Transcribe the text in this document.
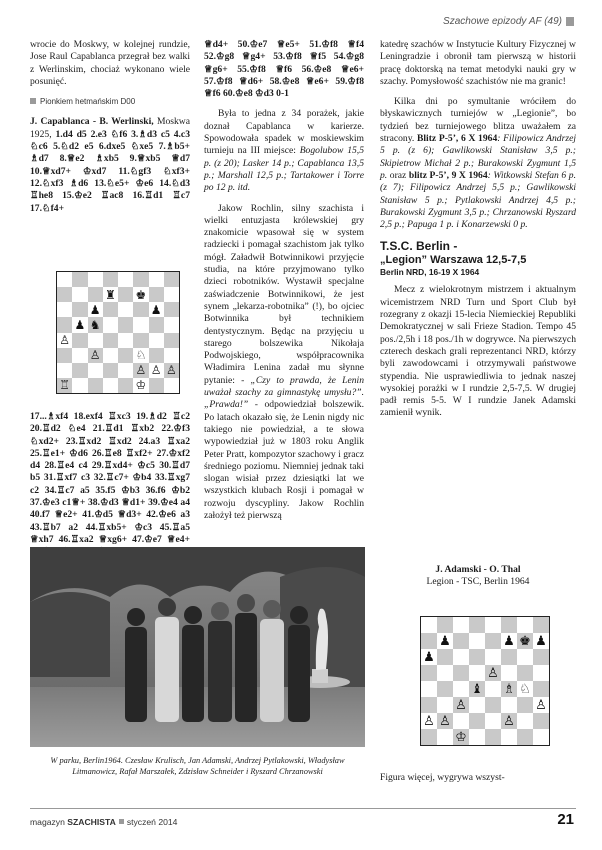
Szachowe epizody AF (49)

wrocie do Moskwy, w kolejnej rundzie, Jose Raul Capablanca przegrał bez walki z Werlinskim, chociaż wykonano wiele posunięć.

Pionkiem hetmańskim D00

J. Capablanca - B. Werlinski, Moskwa 1925, 1.d4 d5 2.e3 ♘f6 3.♗d3 c5 4.c3 ♘c6 5.♘d2 e5 6.dxe5 ♘xe5 7.♗b5+ ♗d7 8.♕e2 ♗xb5 9.♕xb5 ♕d7 10.♕xd7+ ♔xd7 11.♘gf3 ♘xf3+ 12.♘xf3 ♗d6 13.♘e5+ ♔e6 14.♘d3 ♖he8 15.♔e2 ♖ac8 16.♖d1 ♖c7 17.♘f4+

♜ ♚
♟	♟
♟ ♞
♙
♙	♘
♙ ♙ ♙
♖	♔

17...♗xf4 18.exf4 ♖xc3 19.♗d2 ♖c2 20.♖d2 ♘e4 21.♖d1 ♖xb2 22.♔f3 ♘xd2+ 23.♖xd2 ♖xd2 24.a3 ♖xa2 25.♖e1+ ♔d6 26.♖e8 ♖xf2+ 27.♔xf2 d4 28.♖e4 c4 29.♖xd4+ ♔c5 30.♖d7 b5 31.♖xf7 c3 32.♖c7+ ♔b4 33.♖xg7 c2 34.♖c7 a5 35.f5 ♔b3 36.f6 ♔b2 37.♔e3 c1♕+ 38.♔d3 ♕d1+ 39.♔e4 a4 40.f7 ♕e2+ 41.♔d5 ♕d3+ 42.♔e6 a3 43.♖b7 a2 44.♖xb5+ ♔c3 45.♖a5 ♕xh7 46.♖xa2 ♕xg6+ 47.♔e7 ♕e4+

♕d4+ 50.♔e7 ♕e5+ 51.♔f8 ♕f4 52.♔g8 ♕g4+ 53.♔f8 ♕f5 54.♔g8 ♕g6+ 55.♔f8 ♕f6 56.♔e8 ♕e6+ 57.♔f8 ♕d6+ 58.♔e8 ♕e6+ 59.♔f8 ♕f6 60.♔e8 ♔d3 0-1

Była to jedna z 34 porażek, jakie doznał Capablanca w karierze. Spowodowała spadek w moskiewskim turnieju na III miejsce: Bogolubow 15,5 p. (z 20); Lasker 14 p.; Capablanca 13,5 p.; Marshall 12,5 p.; Tartakower i Torre po 12 p. itd.

Jakow Rochlin, silny szachista i wielki entuzjasta królewskiej gry znakomicie wpasował się w system radziecki i pomagał szachistom jak tylko mógł. Załadwił Botwinnikowi przyjęcie studia, na które przyjmowano tylko dzieci robotników. Wystawił specjalne zaświadczenie Botwinnikowi, że jest synem „lekarza-robotnika” (!), bo ojciec Botwinnika był technikiem dentystycznym. Będąc na przyjęciu u starego bolszewika Nikołaja Podwojskiego, współpracownika Władimira Lenina zadał mu słynne pytanie: - „Czy to prawda, że Lenin uważał szachy za gimnastykę umysłu?”. „Prawda!” - odpowiedział bolszewik. Po latach okazało się, że Lenin nigdy nic takiego nie powiedział, a te słowa wypowiedział już w 1803 roku Anglik Peter Pratt, kompozytor szachowy i gracz średniego poziomu. Niemniej jednak taki slogan wisiał przez dziesiątki lat we wszystkich klubach Rosji i pomagał w rozwoju dyscypliny. Jakow Rochlin założył też pierwszą

katedrę szachów w Instytucie Kultury Fizycznej w Leningradzie i obronił tam pierwszą w historii pracę doktorską na temat metodyki nauki gry w szachy. Pomysłowość szachistów nie ma granic!

Kilka dni po symultanie wróciłem do błyskawicznych turniejów w „Legionie”, bo tydzień bez turniejowego blitza uważałem za stracony. Blitz P-5’, 6 X 1964: Filipowicz Andrzej 5 p. (z 6); Gawlikowski Stanisław 3,5 p.; Skipietrow Michał 2 p.; Burakowski Zygmunt 1,5 p. oraz blitz P-5’, 9 X 1964: Witkowski Stefan 6 p. (z 7); Filipowicz Andrzej 5,5 p.; Gawlikowski Stanisław 5 p.; Pytlakowski Andrzej 4,5 p.; Burakowski Zygmunt 3,5 p.; Chrzanowski Ryszard 2,5 p.; Papuga 1 p. i Konarzewski 0 p.

T.S.C. Berlin -
„Legion” Warszawa 12,5-7,5
Berlin NRD, 16-19 X 1964

Mecz z wielokrotnym mistrzem i aktualnym wicemistrzem NRD Turn und Sport Club był rozegrany z okazji 15-lecia Niemieckiej Republiki Demokratycznej w sali Frieze Stadion. Tempo 45 pos./2,5h i 18 pos./1h w dogrywce. Na pierwszych czterech deskach grali reprezentanci NRD, którzy byli zawodowcami i otrzymywali państwowe stypendia. Nie usprawiedliwia to jednak naszej wysokiej porażki w I rundzie 2,5-7,5. W drugiej padł remis 5-5. W I rundzie Janek Adamski zamienił wynik.

J. Adamski - O. Thal
Legion - TSC, Berlin 1964
♟	♟ ♚ ♟
♟
♙
♝ ♗ ♘
♙	♙
♙ ♙	♙
♔
Figura więcej, wygrywa wszyst-
W parku, Berlin1964. Czesław Krulisch, Jan Adamski, Andrzej Pytlakowski, Władysław Litmanowicz, Rafał Marszałek, Zdzisław Schneider i Ryszard Chrzanowski
magazyn SZACHISTA styczeń 2014	21
